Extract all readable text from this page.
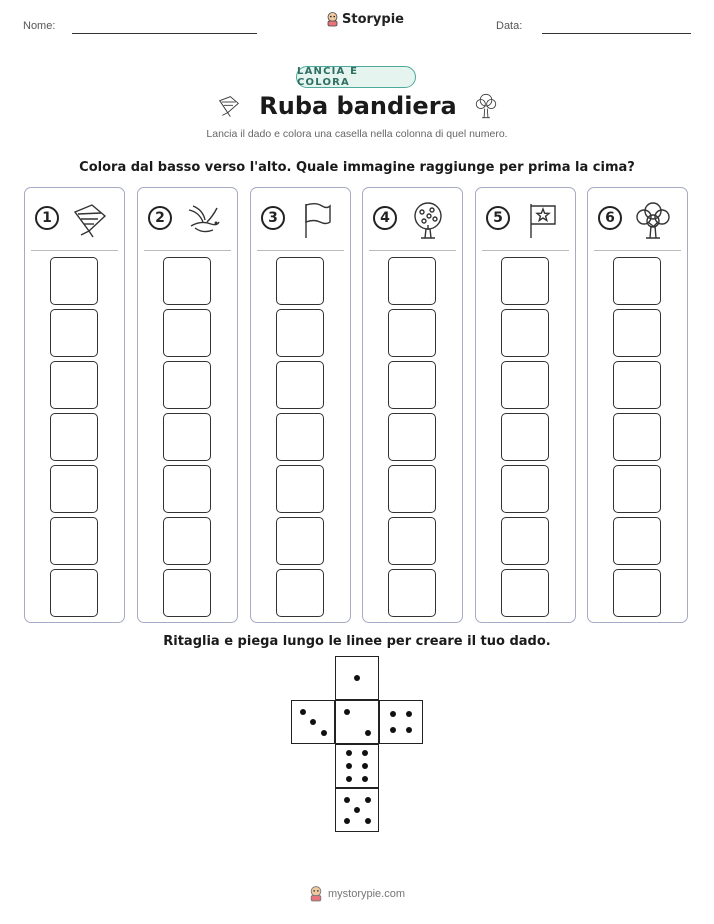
Nome:	Storypie	Data:
LANCIA E COLORA
Ruba bandiera
Lancia il dado e colora una casella nella colonna di quel numero.
Colora dal basso verso l'alto. Quale immagine raggiunge per prima la cima?
1	2	3	4	5	6
Ritaglia e piega lungo le linee per creare il tuo dado.
mystorypie.com
